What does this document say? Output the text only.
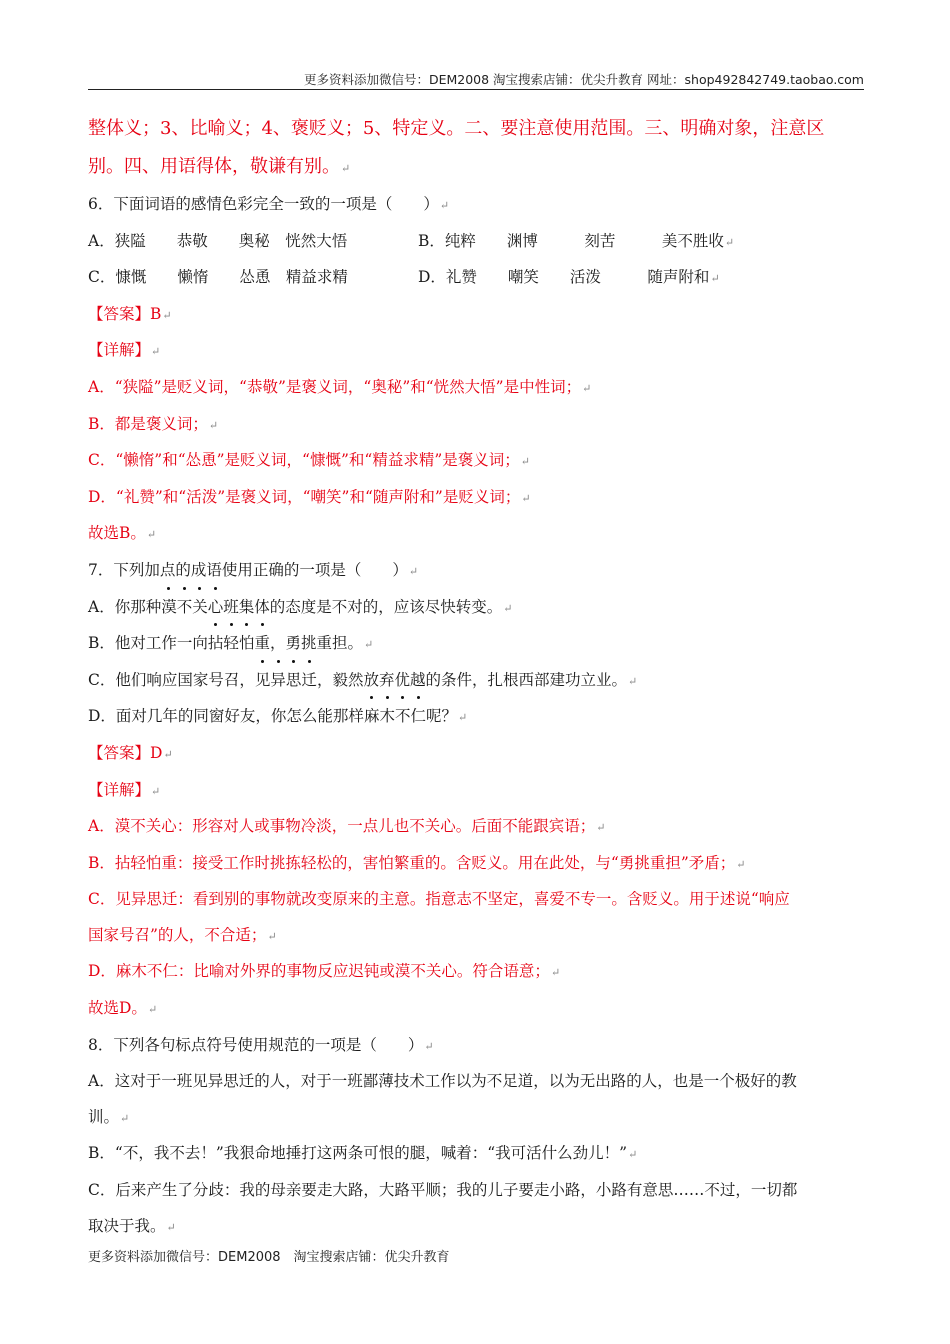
更多资料添加微信号：DEM2008 淘宝搜索店铺：优尖升教育 网址：shop492842749.taobao.com
整体义；3、比喻义；4、褒贬义；5、特定义。二、要注意使用范围。三、明确对象，注意区
别。四、用语得体，敬谦有别。↵
6．下面词语的感情色彩完全一致的一项是（　　）↵
A．狭隘　　恭敬　　奥秘　恍然大悟	B．纯粹　　渊博　　　刻苦　　　美不胜收↵
C．慷慨　　懒惰　　怂恿　精益求精	D．礼赞　　嘲笑　　活泼　　　随声附和↵
【答案】B↵
【详解】↵
A．“狭隘”是贬义词，“恭敬”是褒义词，“奥秘”和“恍然大悟”是中性词；↵
B．都是褒义词；↵
C．“懒惰”和“怂恿”是贬义词，“慷慨”和“精益求精”是褒义词；↵
D．“礼赞”和“活泼”是褒义词，“嘲笑”和“随声附和”是贬义词；↵
故选B。↵
7．下列加点的成语使用正确的一项是（　　）↵
A．你那种漠不关心班集体的态度是不对的，应该尽快转变。↵
B．他对工作一向拈轻怕重，勇挑重担。↵
C．他们响应国家号召，见异思迁，毅然放弃优越的条件，扎根西部建功立业。↵
D．面对几年的同窗好友，你怎么能那样麻木不仁呢？↵
【答案】D↵
【详解】↵
A．漠不关心：形容对人或事物冷淡，一点儿也不关心。后面不能跟宾语；↵
B．拈轻怕重：接受工作时挑拣轻松的，害怕繁重的。含贬义。用在此处，与“勇挑重担”矛盾；↵
C．见异思迁：看到别的事物就改变原来的主意。指意志不坚定，喜爱不专一。含贬义。用于述说“响应
国家号召”的人，不合适；↵
D．麻木不仁：比喻对外界的事物反应迟钝或漠不关心。符合语意；↵
故选D。↵
8．下列各句标点符号使用规范的一项是（　　）↵
A．这对于一班见异思迁的人，对于一班鄙薄技术工作以为不足道，以为无出路的人，也是一个极好的教
训。↵
B．“不，我不去！”我狠命地捶打这两条可恨的腿，喊着：“我可活什么劲儿！”↵
C．后来产生了分歧：我的母亲要走大路，大路平顺；我的儿子要走小路，小路有意思……不过，一切都
取决于我。↵
更多资料添加微信号：DEM2008　淘宝搜索店铺：优尖升教育
